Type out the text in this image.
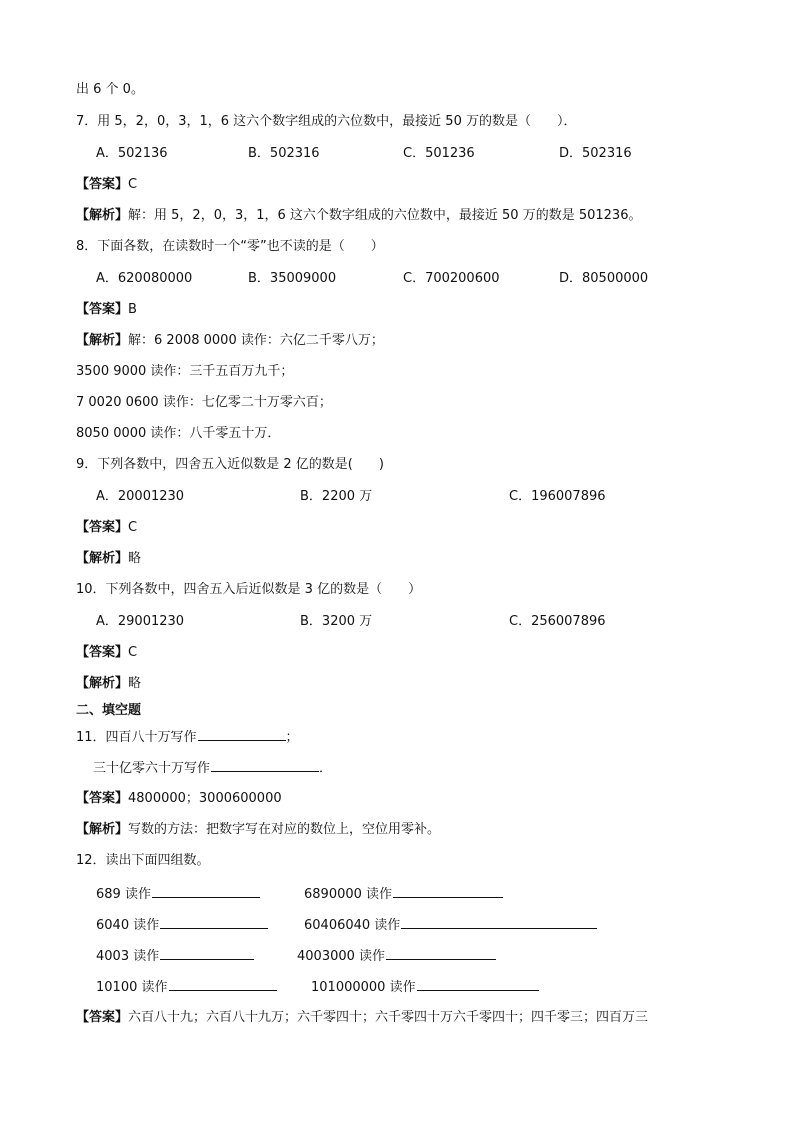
出 6 个 0。
7．用 5，2，0，3，1，6 这六个数字组成的六位数中，最接近 50 万的数是（　　）．
A．502136	B．502316	C．501236	D．502316
【答案】C
【解析】解：用 5，2，0，3，1，6 这六个数字组成的六位数中，最接近 50 万的数是 501236。
8．下面各数，在读数时一个“零”也不读的是（　　）
A．620080000	B．35009000	C．700200600	D．80500000
【答案】B
【解析】解：6 2008 0000 读作：六亿二千零八万；
3500 9000 读作：三千五百万九千；
7 0020 0600 读作：七亿零二十万零六百；
8050 0000 读作：八千零五十万．
9．下列各数中，四舍五入近似数是 2 亿的数是(　　)
A．20001230	B．2200 万	C．196007896
【答案】C
【解析】略
10．下列各数中，四舍五入后近似数是 3 亿的数是（　　）
A．29001230	B．3200 万	C．256007896
【答案】C
【解析】略
二、填空题
11．四百八十万写作	；
三十亿零六十万写作	．
【答案】4800000；3000600000
【解析】写数的方法：把数字写在对应的数位上，空位用零补。
12．读出下面四组数。
689 读作	6890000 读作
6040 读作	60406040 读作
4003 读作	4003000 读作
10100 读作	101000000 读作
【答案】六百八十九；六百八十九万；六千零四十；六千零四十万六千零四十；四千零三；四百万三
